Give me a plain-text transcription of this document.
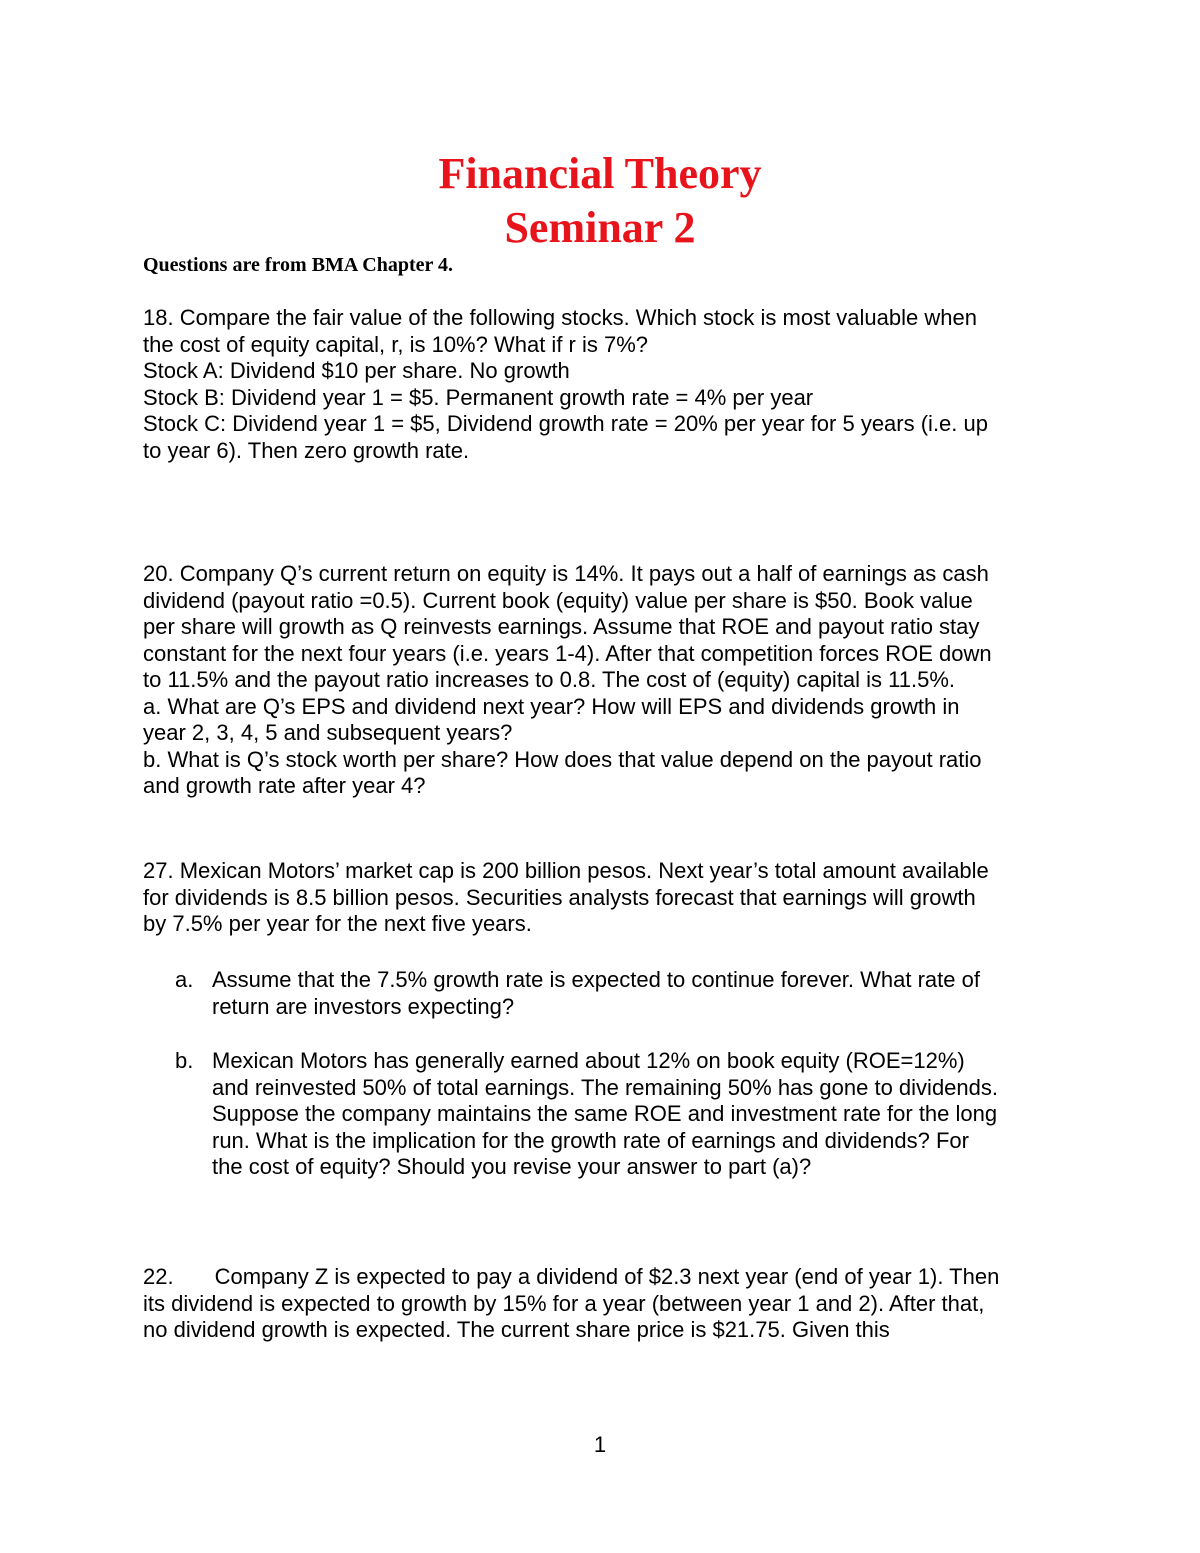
Financial Theory
Seminar 2
Questions are from BMA Chapter 4.
18. Compare the fair value of the following stocks. Which stock is most valuable when
the cost of equity capital, r, is 10%? What if r is 7%?
Stock A: Dividend $10 per share. No growth
Stock B: Dividend year 1 = $5. Permanent growth rate = 4% per year
Stock C: Dividend year 1 = $5, Dividend growth rate = 20% per year for 5 years (i.e. up
to year 6). Then zero growth rate.
20. Company Q’s current return on equity is 14%. It pays out a half of earnings as cash
dividend (payout ratio =0.5). Current book (equity) value per share is $50. Book value
per share will growth as Q reinvests earnings. Assume that ROE and payout ratio stay
constant for the next four years (i.e. years 1-4). After that competition forces ROE down
to 11.5% and the payout ratio increases to 0.8. The cost of (equity) capital is 11.5%.
a. What are Q’s EPS and dividend next year? How will EPS and dividends growth in
year 2, 3, 4, 5 and subsequent years?
b. What is Q’s stock worth per share? How does that value depend on the payout ratio
and growth rate after year 4?
27. Mexican Motors’ market cap is 200 billion pesos. Next year’s total amount available
for dividends is 8.5 billion pesos. Securities analysts forecast that earnings will growth
by 7.5% per year for the next five years.
a. Assume that the 7.5% growth rate is expected to continue forever. What rate of
return are investors expecting?
b. Mexican Motors has generally earned about 12% on book equity (ROE=12%)
and reinvested 50% of total earnings. The remaining 50% has gone to dividends.
Suppose the company maintains the same ROE and investment rate for the long
run. What is the implication for the growth rate of earnings and dividends? For
the cost of equity? Should you revise your answer to part (a)?
22. Company Z is expected to pay a dividend of $2.3 next year (end of year 1). Then
its dividend is expected to growth by 15% for a year (between year 1 and 2). After that,
no dividend growth is expected. The current share price is $21.75. Given this
1
